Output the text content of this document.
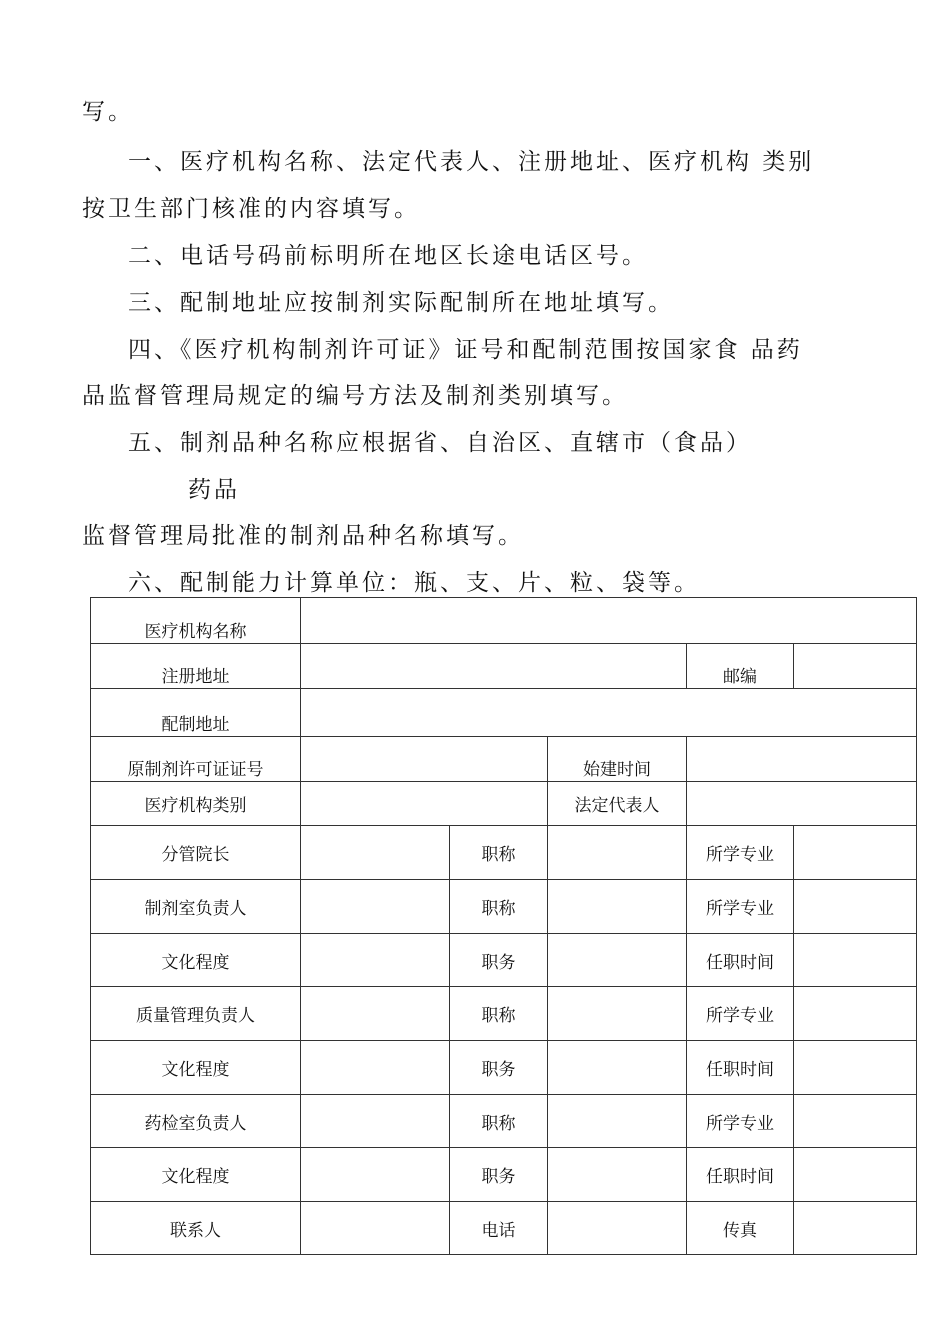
写。
一、医疗机构名称、法定代表人、注册地址、医疗机构 类别
按卫生部门核准的内容填写。
二、电话号码前标明所在地区长途电话区号。
三、配制地址应按制剂实际配制所在地址填写。
四、《医疗机构制剂许可证》证号和配制范围按国家食 品药
品监督管理局规定的编号方法及制剂类别填写。
五、制剂品种名称应根据省、自治区、直辖市（食品）
药品
监督管理局批准的制剂品种名称填写。
六、配制能力计算单位：瓶、支、片、粒、袋等。
医疗机构名称					
注册地址				邮编	
配制地址					
原制剂许可证证号			始建时间		
医疗机构类别			法定代表人		
分管院长		职称		所学专业	
制剂室负责人		职称		所学专业	
文化程度		职务		任职时间	
质量管理负责人		职称		所学专业	
文化程度		职务		任职时间	
药检室负责人		职称		所学专业	
文化程度		职务		任职时间	
联系人		电话		传真	
